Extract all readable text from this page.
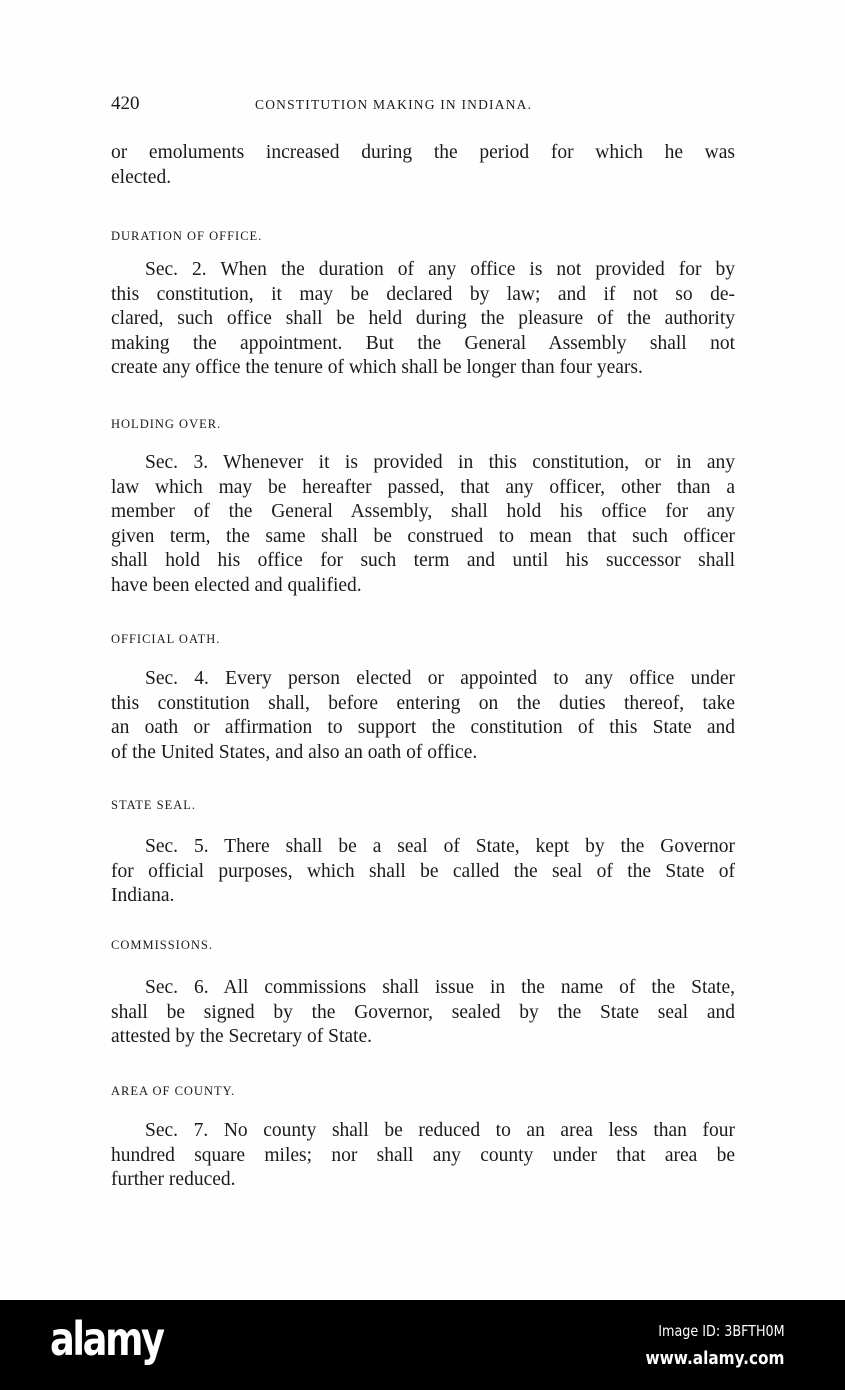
420	CONSTITUTION MAKING IN INDIANA.
or emoluments increased during the period for which he was
elected.
DURATION OF OFFICE.
Sec. 2. When the duration of any office is not provided for by
this constitution, it may be declared by law; and if not so de-
clared, such office shall be held during the pleasure of the authority
making the appointment. But the General Assembly shall not
create any office the tenure of which shall be longer than four years.
HOLDING OVER.
Sec. 3. Whenever it is provided in this constitution, or in any
law which may be hereafter passed, that any officer, other than a
member of the General Assembly, shall hold his office for any
given term, the same shall be construed to mean that such officer
shall hold his office for such term and until his successor shall
have been elected and qualified.
OFFICIAL OATH.
Sec. 4. Every person elected or appointed to any office under
this constitution shall, before entering on the duties thereof, take
an oath or affirmation to support the constitution of this State and
of the United States, and also an oath of office.
STATE SEAL.
Sec. 5. There shall be a seal of State, kept by the Governor
for official purposes, which shall be called the seal of the State of
Indiana.
COMMISSIONS.
Sec. 6. All commissions shall issue in the name of the State,
shall be signed by the Governor, sealed by the State seal and
attested by the Secretary of State.
AREA OF COUNTY.
Sec. 7. No county shall be reduced to an area less than four
hundred square miles; nor shall any county under that area be
further reduced.
alamy	Image ID: 3BFTH0M
www.alamy.com
